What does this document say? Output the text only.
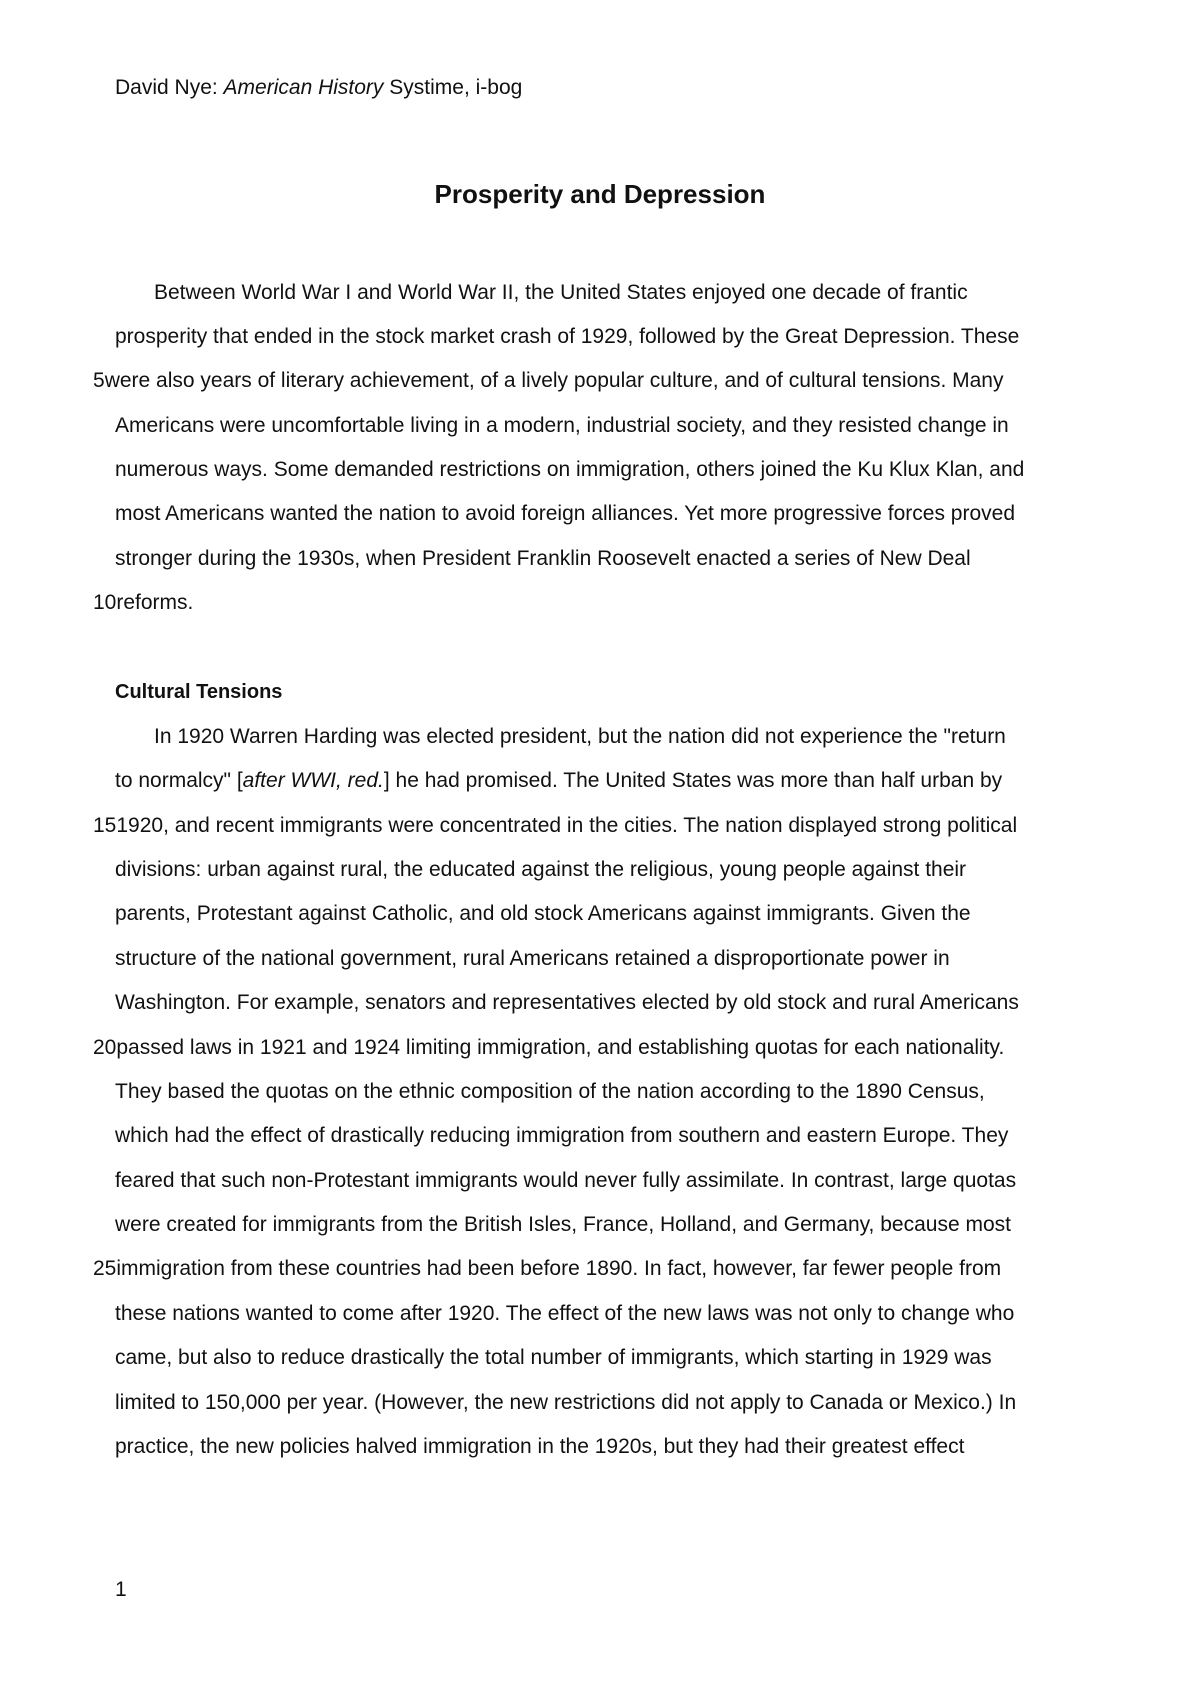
David Nye: American History Systime, i-bog
Prosperity and Depression
Between World War I and World War II, the United States enjoyed one decade of frantic
prosperity that ended in the stock market crash of 1929, followed by the Great Depression. These
5were also years of literary achievement, of a lively popular culture, and of cultural tensions. Many
Americans were uncomfortable living in a modern, industrial society, and they resisted change in
numerous ways. Some demanded restrictions on immigration, others joined the Ku Klux Klan, and
most Americans wanted the nation to avoid foreign alliances. Yet more progressive forces proved
stronger during the 1930s, when President Franklin Roosevelt enacted a series of New Deal
10reforms.
Cultural Tensions
In 1920 Warren Harding was elected president, but the nation did not experience the "return
to normalcy" [after WWI, red.] he had promised. The United States was more than half urban by
151920, and recent immigrants were concentrated in the cities. The nation displayed strong political
divisions: urban against rural, the educated against the religious, young people against their
parents, Protestant against Catholic, and old stock Americans against immigrants. Given the
structure of the national government, rural Americans retained a disproportionate power in
Washington. For example, senators and representatives elected by old stock and rural Americans
20passed laws in 1921 and 1924 limiting immigration, and establishing quotas for each nationality.
They based the quotas on the ethnic composition of the nation according to the 1890 Census,
which had the effect of drastically reducing immigration from southern and eastern Europe. They
feared that such non-Protestant immigrants would never fully assimilate. In contrast, large quotas
were created for immigrants from the British Isles, France, Holland, and Germany, because most
25immigration from these countries had been before 1890. In fact, however, far fewer people from
these nations wanted to come after 1920. The effect of the new laws was not only to change who
came, but also to reduce drastically the total number of immigrants, which starting in 1929 was
limited to 150,000 per year. (However, the new restrictions did not apply to Canada or Mexico.) In
practice, the new policies halved immigration in the 1920s, but they had their greatest effect
1
